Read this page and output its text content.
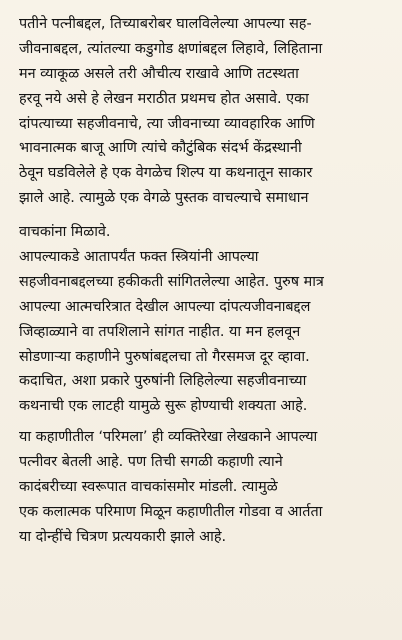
पतीने पत्नीबद्दल, तिच्याबरोबर घालविलेल्या आपल्या सह-
जीवनाबद्दल, त्यांतल्या कडुगोड क्षणांबद्दल लिहावे, लिहिताना
मन व्याकूळ असले तरी औचीत्य राखावे आणि तटस्थता
हरवू नये असे हे लेखन मराठीत प्रथमच होत असावे. एका
दांपत्याच्या सहजीवनाचे, त्या जीवनाच्या व्यावहारिक आणि
भावनात्मक बाजू आणि त्यांचे कौटुंबिक संदर्भ केंद्रस्थानी
ठेवून घडविलेले हे एक वेगळेच शिल्प या कथनातून साकार
झाले आहे. त्यामुळे एक वेगळे पुस्तक वाचल्याचे समाधान
वाचकांना मिळावे.
आपल्याकडे आतापर्यंत फक्त स्त्रियांनी आपल्या
सहजीवनाबद्दलच्या हकीकती सांगितलेल्या आहेत. पुरुष मात्र
आपल्या आत्मचरित्रात देखील आपल्या दांपत्यजीवनाबद्दल
जिव्हाळ्याने वा तपशिलाने सांगत नाहीत. या मन हलवून
सोडणाऱ्या कहाणीने पुरुषांबद्दलचा तो गैरसमज दूर व्हावा.
कदाचित, अशा प्रकारे पुरुषांनी लिहिलेल्या सहजीवनाच्या
कथनाची एक लाटही यामुळे सुरू होण्याची शक्यता आहे.
या कहाणीतील ‘परिमला’ ही व्यक्तिरेखा लेखकाने आपल्या
पत्नीवर बेतली आहे. पण तिची सगळी कहाणी त्याने
कादंबरीच्या स्वरूपात वाचकांसमोर मांडली. त्यामुळे
एक कलात्मक परिमाण मिळून कहाणीतील गोडवा व आर्तता
या दोन्हींचे चित्रण प्रत्ययकारी झाले आहे.
